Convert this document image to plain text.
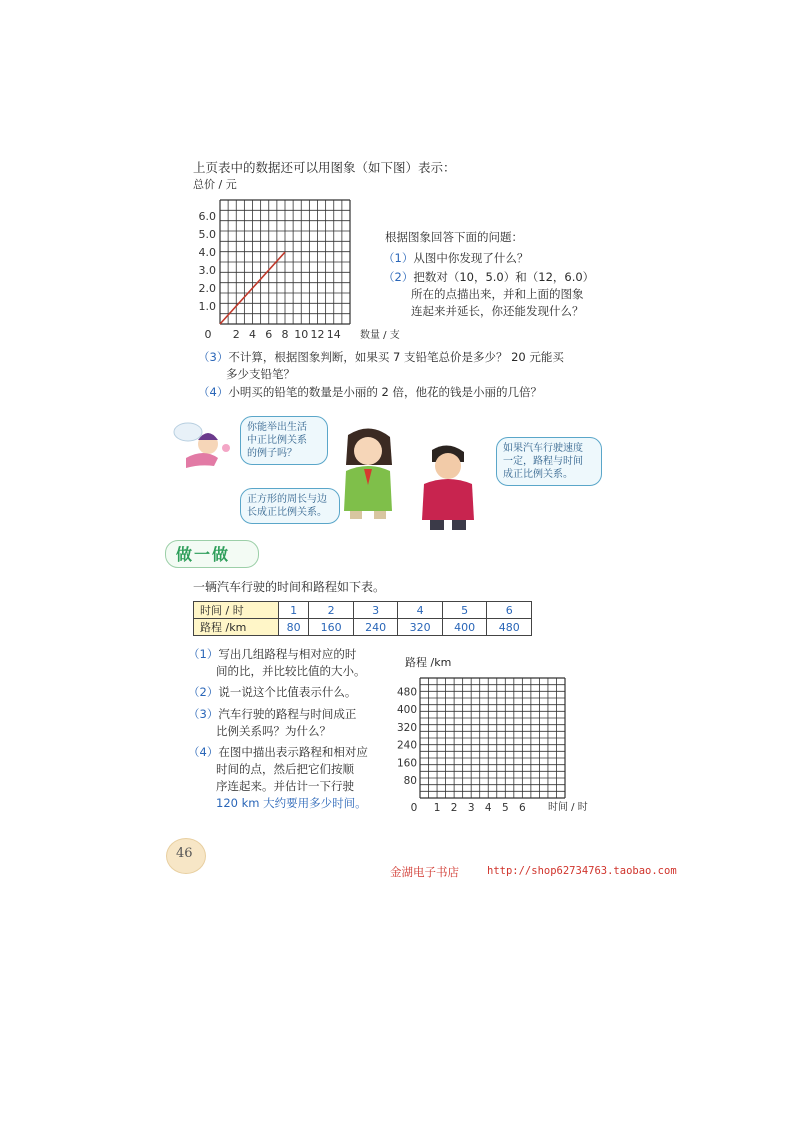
上页表中的数据还可以用图象（如下图）表示：
总价 / 元
6.0
5.0
4.0
3.0
2.0
1.0
2 4 6 8 10 12 14
0	数量 / 支
根据图象回答下面的问题：
（1）从图中你发现了什么？
（2）把数对（10，5.0）和（12，6.0）
所在的点描出来，并和上面的图象
连起来并延长，你还能发现什么？
（3）不计算，根据图象判断，如果买 7 支铅笔总价是多少？ 20 元能买
多少支铅笔？
（4）小明买的铅笔的数量是小丽的 2 倍，他花的钱是小丽的几倍？
你能举出生活
中正比例关系
的例子吗？
正方形的周长与边
长成正比例关系。
如果汽车行驶速度
一定，路程与时间
成正比例关系。
做一做
一辆汽车行驶的时间和路程如下表。
时间 / 时	1	2	3	4	5	6
路程 /km	80	160	240	320	400	480
（1）写出几组路程与相对应的时
间的比，并比较比值的大小。
（2）说一说这个比值表示什么。
（3）汽车行驶的路程与时间成正
比例关系吗？为什么？
（4）在图中描出表示路程和相对应
时间的点，然后把它们按顺
序连起来。并估计一下行驶
120 km 大约要用多少时间。
路程 /km
480
400
320
240
160
80
1 2 3 4 5 6
0	时间 / 时
46
金湖电子书店	http://shop62734763.taobao.com
